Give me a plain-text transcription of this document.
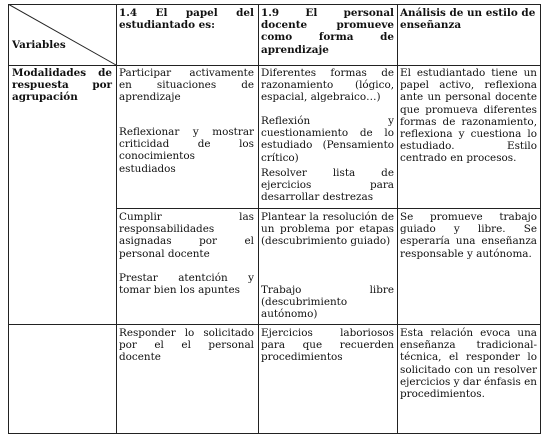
Variables
1.4 El papel del estudiantado es:
1.9 El personal docente promueve como forma de aprendizaje
Análisis de un estilo de enseñanza
Modalidades de respuesta por agrupación
Participar activamente en situaciones de aprendizaje
Reflexionar y mostrar criticidad de los conocimientos estudiados
Diferentes formas de razonamiento (lógico, espacial, algebraico…)
Reflexión y cuestionamiento de lo estudiado (Pensamiento crítico)
Resolver lista de ejercicios para desarrollar destrezas
El estudiantado tiene un papel activo, reflexiona ante un personal docente que promueva diferentes formas de razonamiento, reflexiona y cuestiona lo estudiado. Estilo centrado en procesos.
Cumplir las responsabilidades asignadas por el personal docente
Prestar atentción y tomar bien los apuntes
Plantear la resolución de un problema por etapas (descubrimiento guiado)
Trabajo libre (descubrimiento autónomo)
Se promueve trabajo guiado y libre. Se esperaría una enseñanza responsable y autónoma.
Responder lo solicitado por el el personal docente
Ejercicios laboriosos para que recuerden procedimientos
Esta relación evoca una enseñanza tradicional- técnica, el responder lo solicitado con un resolver ejercicios y dar énfasis en procedimientos.
